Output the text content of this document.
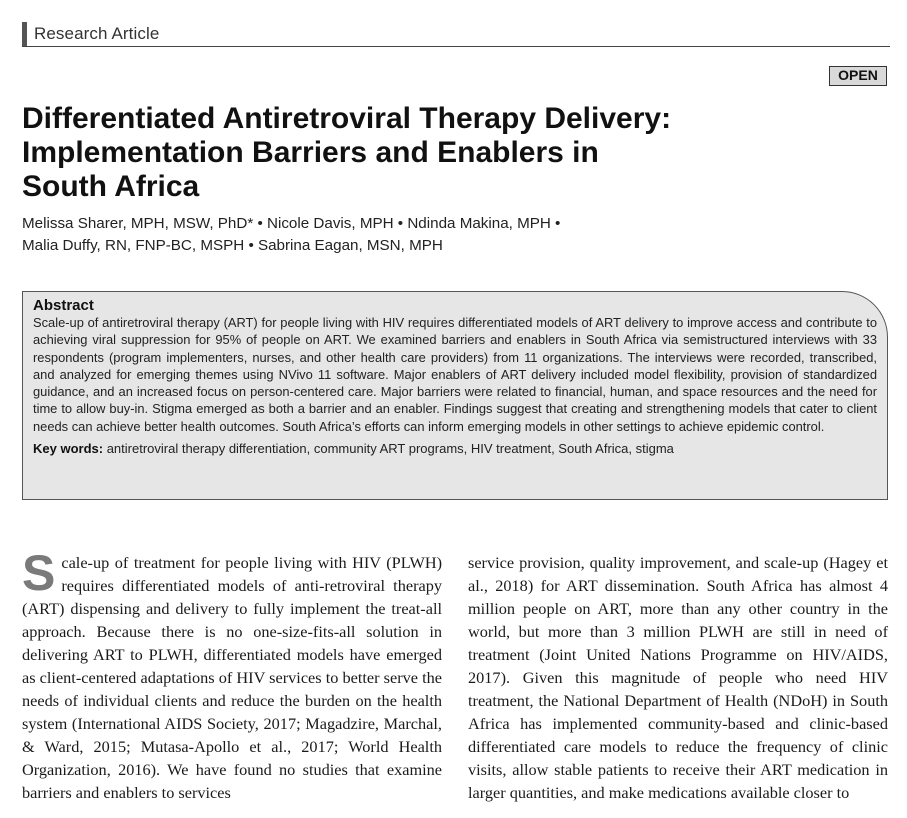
Research Article
OPEN
Differentiated Antiretroviral Therapy Delivery:
Implementation Barriers and Enablers in
South Africa
Melissa Sharer, MPH, MSW, PhD* • Nicole Davis, MPH • Ndinda Makina, MPH •
Malia Duffy, RN, FNP-BC, MSPH • Sabrina Eagan, MSN, MPH
Abstract
Scale-up of antiretroviral therapy (ART) for people living with HIV requires differentiated models of ART delivery to improve access and contribute to achieving viral suppression for 95% of people on ART. We examined barriers and enablers in South Africa via semistructured interviews with 33 respondents (program implementers, nurses, and other health care providers) from 11 organizations. The interviews were recorded, transcribed, and analyzed for emerging themes using NVivo 11 software. Major enablers of ART delivery included model flexibility, provision of standardized guidance, and an increased focus on person-centered care. Major barriers were related to financial, human, and space resources and the need for time to allow buy-in. Stigma emerged as both a barrier and an enabler. Findings suggest that creating and strengthening models that cater to client needs can achieve better health outcomes. South Africa’s efforts can inform emerging models in other settings to achieve epidemic control.
Key words: antiretroviral therapy differentiation, community ART programs, HIV treatment, South Africa, stigma

Scale-up of treatment for people living with HIV (PLWH) requires differentiated models of anti-retroviral therapy (ART) dispensing and delivery to fully implement the treat-all approach. Because there is no one-size-fits-all solution in delivering ART to PLWH, differentiated models have emerged as client-centered adaptations of HIV services to better serve the needs of individual clients and reduce the burden on the health system (International AIDS Society, 2017; Magadzire, Marchal, & Ward, 2015; Mutasa-Apollo et al., 2017; World Health Organization, 2016). We have found no studies that examine barriers and enablers to services

service provision, quality improvement, and scale-up (Hagey et al., 2018) for ART dissemination. South Africa has almost 4 million people on ART, more than any other country in the world, but more than 3 million PLWH are still in need of treatment (Joint United Nations Programme on HIV/AIDS, 2017). Given this magnitude of people who need HIV treatment, the National Department of Health (NDoH) in South Africa has implemented community-based and clinic-based differentiated care models to reduce the frequency of clinic visits, allow stable patients to receive their ART medication in larger quantities, and make medications available closer to
